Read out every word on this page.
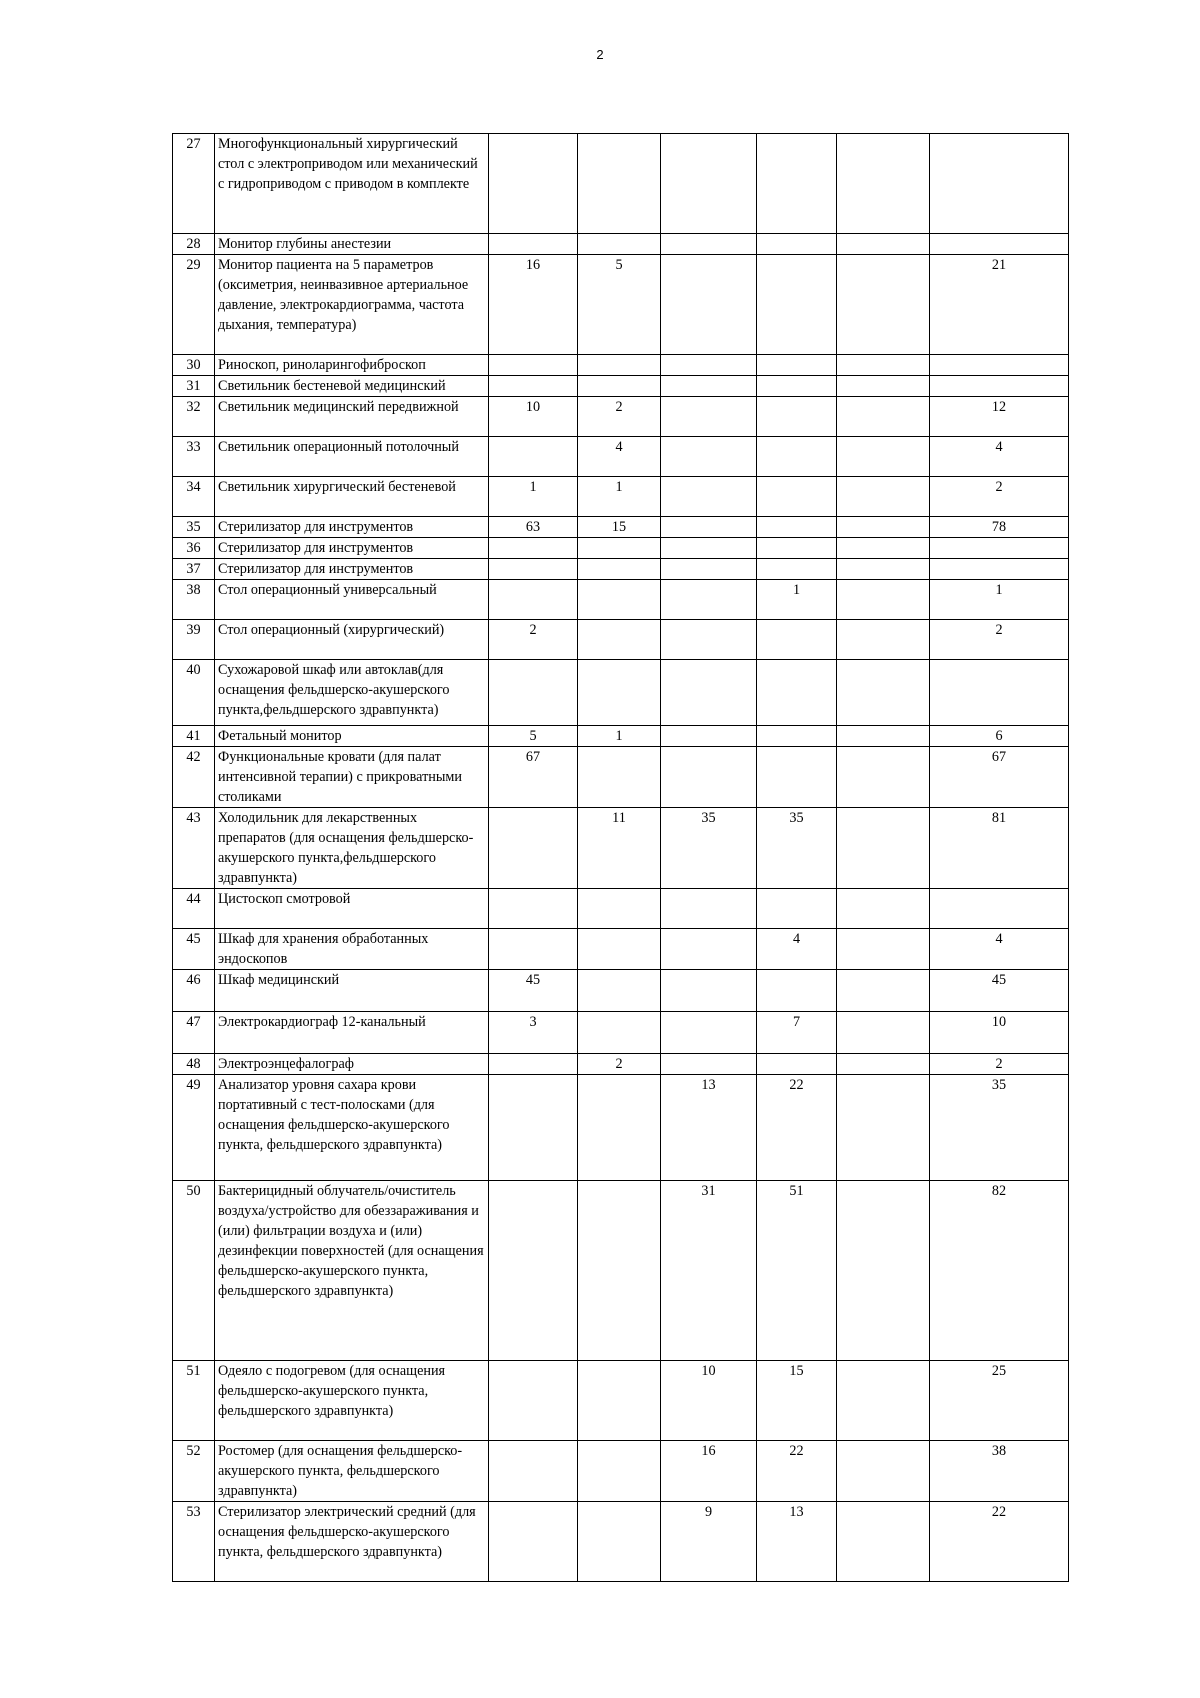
2
27	Многофункциональный хирургический стол с электроприводом или механический с гидроприводом с приводом в комплекте						
28	Монитор глубины анестезии						
29	Монитор пациента на 5 параметров (оксиметрия, неинвазивное артериальное давление, электрокардиограмма, частота дыхания, температура)	16	5				21
30	Риноскоп, риноларингофиброскоп						
31	Светильник бестеневой медицинский						
32	Светильник медицинский передвижной	10	2				12
33	Светильник операционный потолочный		4				4
34	Светильник хирургический бестеневой	1	1				2
35	Стерилизатор для инструментов	63	15				78
36	Стерилизатор для инструментов						
37	Стерилизатор для инструментов						
38	Стол операционный универсальный				1		1
39	Стол операционный (хирургический)	2					2
40	Сухожаровой шкаф или автоклав(для оснащения фельдшерско-акушерского пункта,фельдшерского здравпункта)						
41	Фетальный монитор	5	1				6
42	Функциональные кровати (для палат интенсивной терапии) с прикроватными столиками	67					67
43	Холодильник для лекарственных препаратов (для оснащения фельдшерско-акушерского пункта,фельдшерского здравпункта)		11	35	35		81
44	Цистоскоп смотровой						
45	Шкаф для хранения обработанных эндоскопов				4		4
46	Шкаф медицинский	45					45
47	Электрокардиограф 12-канальный	3			7		10
48	Электроэнцефалограф		2				2
49	Анализатор уровня сахара крови портативный с тест-полосками (для оснащения фельдшерско-акушерского пункта, фельдшерского здравпункта)			13	22		35
50	Бактерицидный облучатель/очиститель воздуха/устройство для обеззараживания и (или) фильтрации воздуха и (или) дезинфекции поверхностей (для оснащения фельдшерско-акушерского пункта, фельдшерского здравпункта)			31	51		82
51	Одеяло с подогревом (для оснащения фельдшерско-акушерского пункта, фельдшерского здравпункта)			10	15		25
52	Ростомер (для оснащения фельдшерско-акушерского пункта, фельдшерского здравпункта)			16	22		38
53	Стерилизатор электрический средний (для оснащения фельдшерско-акушерского пункта, фельдшерского здравпункта)			9	13		22
